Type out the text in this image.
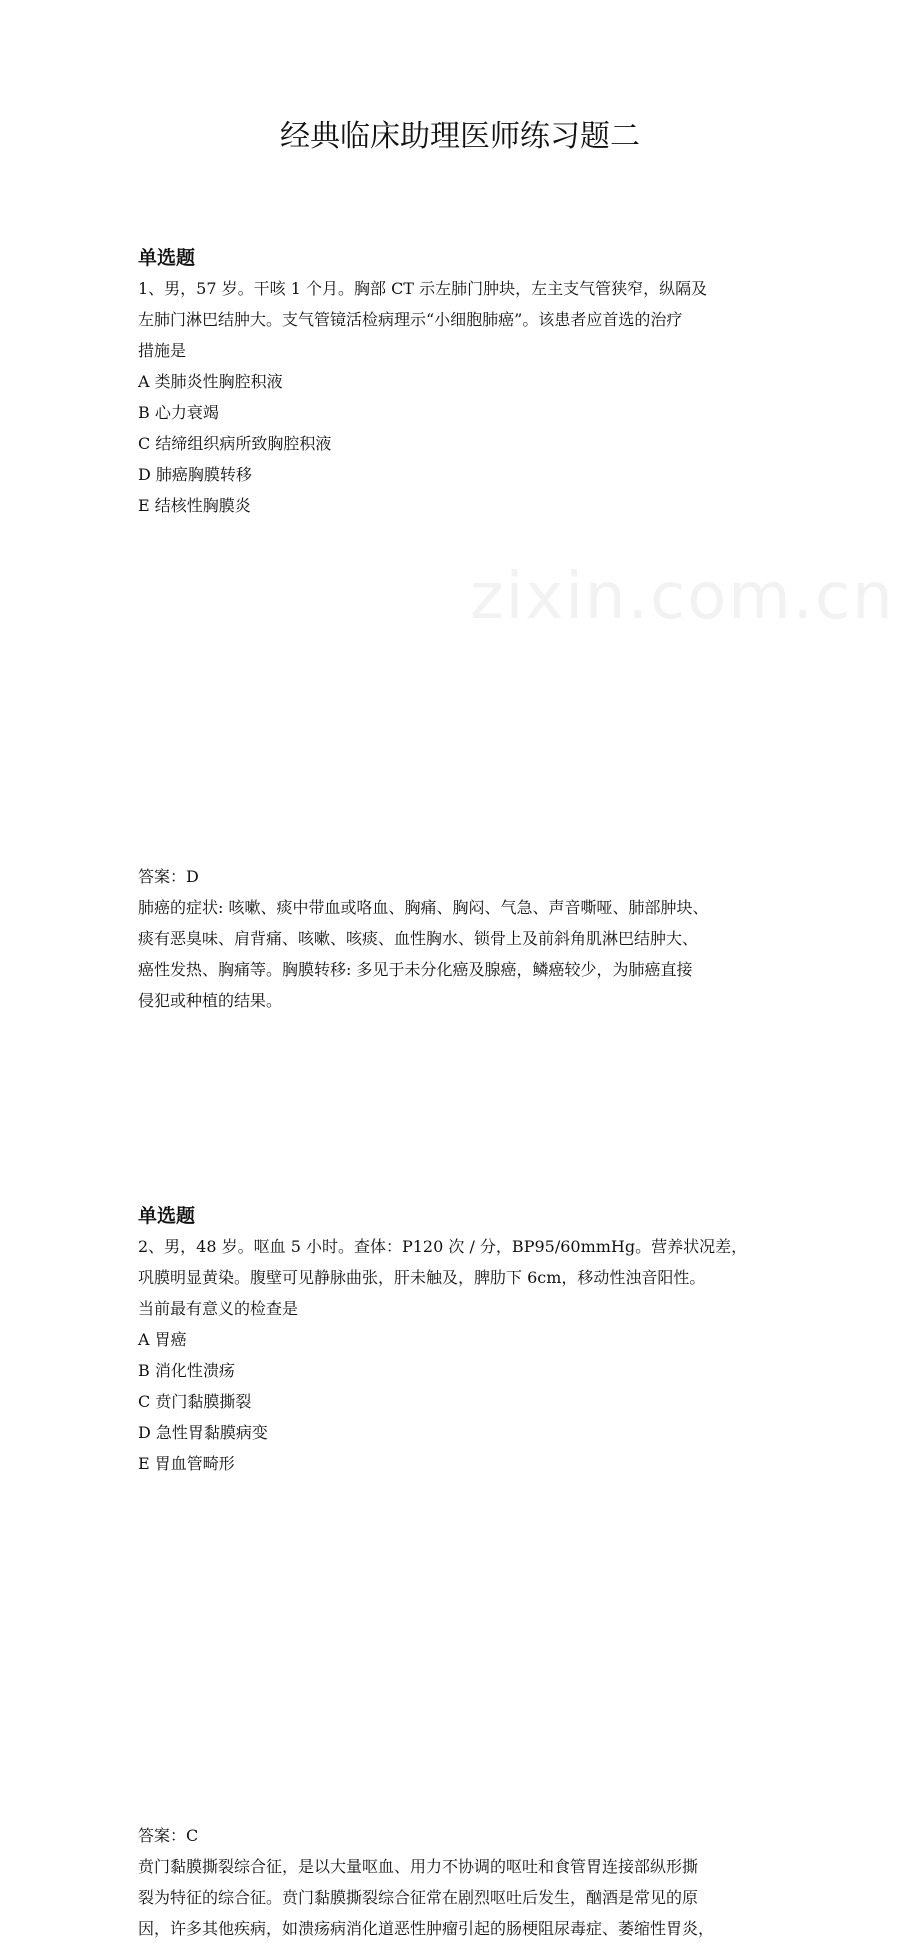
zixin.com.cn
经典临床助理医师练习题二
单选题

1、男，57 岁。干咳 1 个月。胸部 CT 示左肺门肿块，左主支气管狭窄，纵隔及

左肺门淋巴结肿大。支气管镜活检病理示“小细胞肺癌”。该患者应首选的治疗

措施是

A 类肺炎性胸腔积液

B 心力衰竭

C 结缔组织病所致胸腔积液

D 肺癌胸膜转移

E 结核性胸膜炎

答案：D

肺癌的症状: 咳嗽、痰中带血或咯血、胸痛、胸闷、气急、声音嘶哑、肺部肿块、

痰有恶臭味、肩背痛、咳嗽、咳痰、血性胸水、锁骨上及前斜角肌淋巴结肿大、

癌性发热、胸痛等。胸膜转移: 多见于未分化癌及腺癌，鳞癌较少，为肺癌直接

侵犯或种植的结果。

单选题

2、男，48 岁。呕血 5 小时。查体：P120 次 / 分，BP95/60mmHg。营养状况差，

巩膜明显黄染。腹壁可见静脉曲张，肝未触及，脾肋下 6cm，移动性浊音阳性。

当前最有意义的检查是

A 胃癌

B 消化性溃疡

C 贲门黏膜撕裂

D 急性胃黏膜病变

E 胃血管畸形

答案：C

贲门黏膜撕裂综合征，是以大量呕血、用力不协调的呕吐和食管胃连接部纵形撕

裂为特征的综合征。贲门黏膜撕裂综合征常在剧烈呕吐后发生，酗酒是常见的原

因，许多其他疾病，如溃疡病消化道恶性肿瘤引起的肠梗阻尿毒症、萎缩性胃炎，
